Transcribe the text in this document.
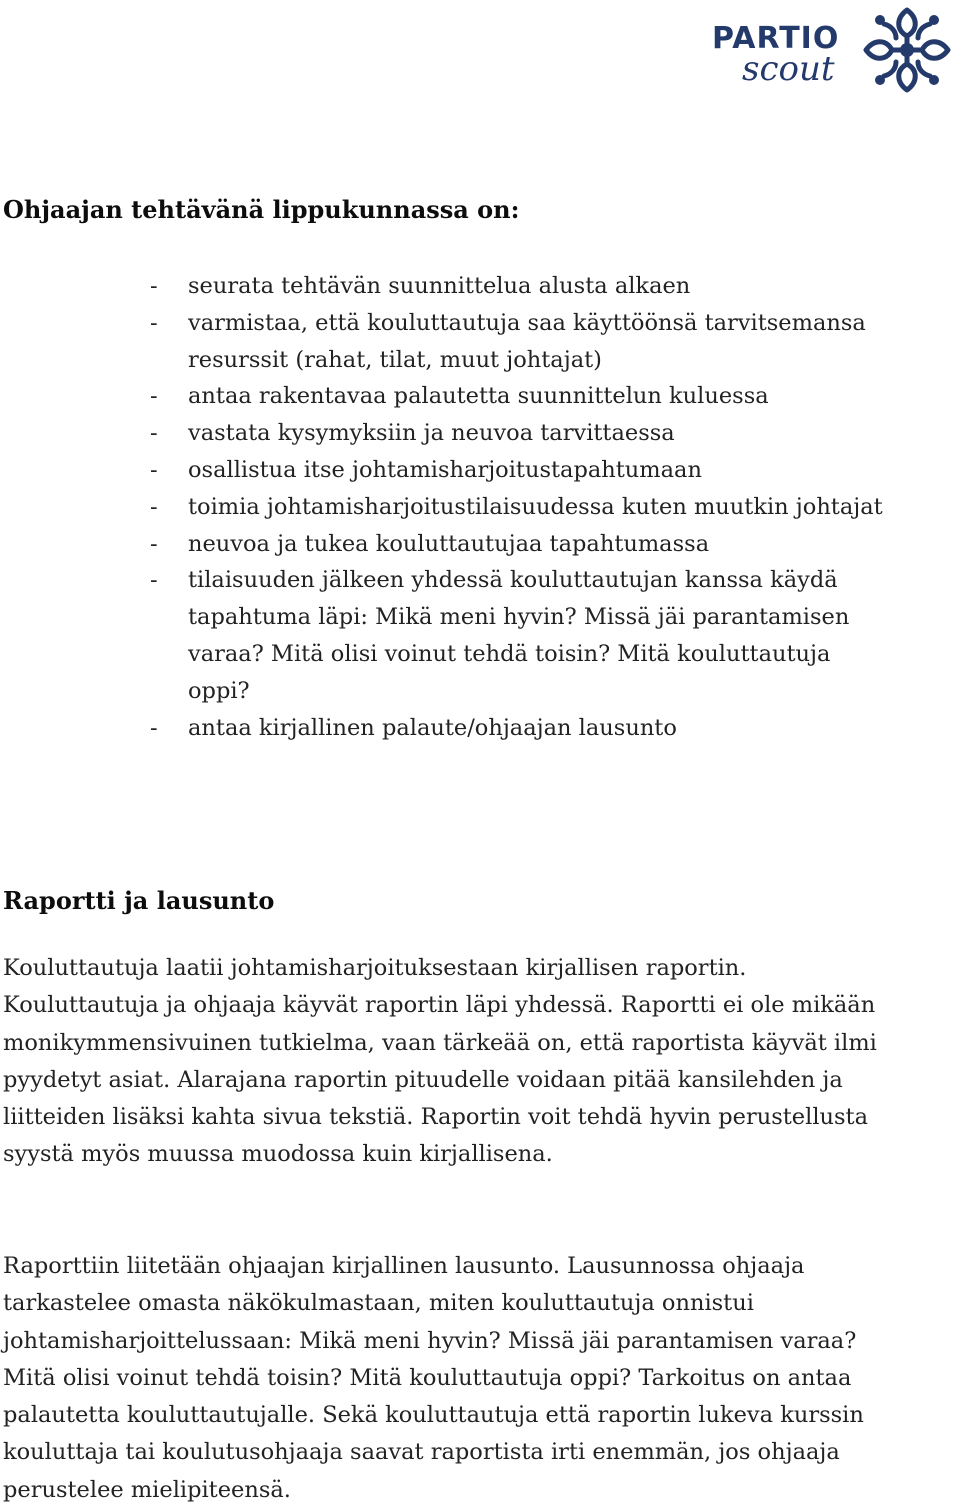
PARTIO
scout
Ohjaajan tehtävänä lippukunnassa on:
- seurata tehtävän suunnittelua alusta alkaen
- varmistaa, että kouluttautuja saa käyttöönsä tarvitsemansa resurssit (rahat, tilat, muut johtajat)
- antaa rakentavaa palautetta suunnittelun kuluessa
- vastata kysymyksiin ja neuvoa tarvittaessa
- osallistua itse johtamisharjoitustapahtumaan
- toimia johtamisharjoitustilaisuudessa kuten muutkin johtajat
- neuvoa ja tukea kouluttautujaa tapahtumassa
- tilaisuuden jälkeen yhdessä kouluttautujan kanssa käydä tapahtuma läpi: Mikä meni hyvin? Missä jäi parantamisen varaa? Mitä olisi voinut tehdä toisin? Mitä kouluttautuja oppi?
- antaa kirjallinen palaute/ohjaajan lausunto
Raportti ja lausunto

Kouluttautuja laatii johtamisharjoituksestaan kirjallisen raportin. Kouluttautuja ja ohjaaja käyvät raportin läpi yhdessä. Raportti ei ole mikään monikymmensivuinen tutkielma, vaan tärkeää on, että raportista käyvät ilmi pyydetyt asiat. Alarajana raportin pituudelle voidaan pitää kansilehden ja liitteiden lisäksi kahta sivua tekstiä. Raportin voit tehdä hyvin perustellusta syystä myös muussa muodossa kuin kirjallisena.

Raporttiin liitetään ohjaajan kirjallinen lausunto. Lausunnossa ohjaaja tarkastelee omasta näkökulmastaan, miten kouluttautuja onnistui johtamisharjoittelussaan: Mikä meni hyvin? Missä jäi parantamisen varaa? Mitä olisi voinut tehdä toisin? Mitä kouluttautuja oppi? Tarkoitus on antaa palautetta kouluttautujalle. Sekä kouluttautuja että raportin lukeva kurssin kouluttaja tai koulutusohjaaja saavat raportista irti enemmän, jos ohjaaja perustelee mielipiteensä.
